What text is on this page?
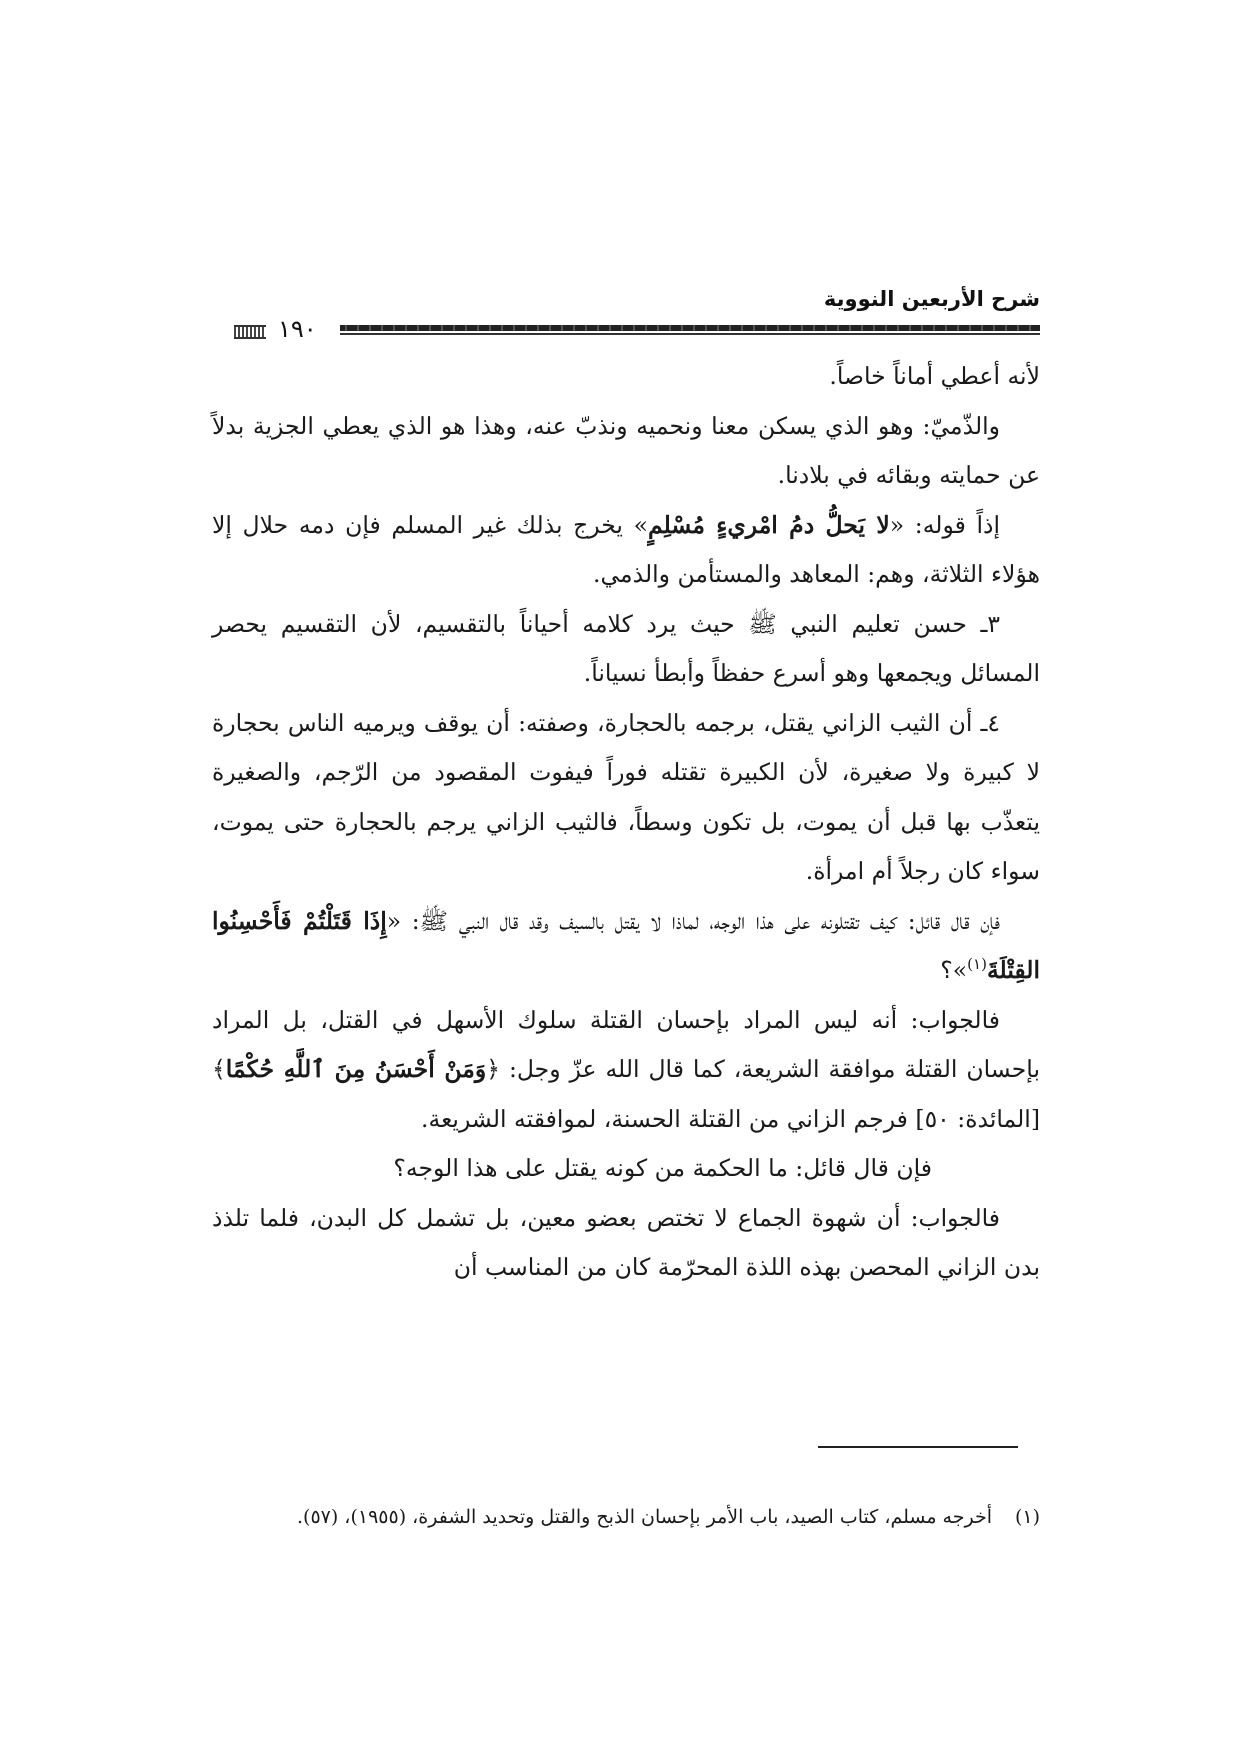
شرح الأربعين النووية
١٩٠

لأنه أعطي أماناً خاصاً.

والذّميّ: وهو الذي يسكن معنا ونحميه ونذبّ عنه، وهذا هو الذي يعطي الجزية بدلاً عن حمايته وبقائه في بلادنا.

إذاً قوله: «لا يَحلُّ دمُ امْريءٍ مُسْلِمٍ» يخرج بذلك غير المسلم فإن دمه حلال إلا هؤلاء الثلاثة، وهم: المعاهد والمستأمن والذمي.

٣ـ حسن تعليم النبي ﷺ حيث يرد كلامه أحياناً بالتقسيم، لأن التقسيم يحصر المسائل ويجمعها وهو أسرع حفظاً وأبطأ نسياناً.

٤ـ أن الثيب الزاني يقتل، برجمه بالحجارة، وصفته: أن يوقف ويرميه الناس بحجارة لا كبيرة ولا صغيرة، لأن الكبيرة تقتله فوراً فيفوت المقصود من الرّجم، والصغيرة يتعذّب بها قبل أن يموت، بل تكون وسطاً، فالثيب الزاني يرجم بالحجارة حتى يموت، سواء كان رجلاً أم امرأة.

فإن قال قائل: كيف تقتلونه على هذا الوجه، لماذا لا يقتل بالسيف وقد قال النبي ﷺ: «إِذَا قَتَلْتُمْ فَأَحْسِنُوا القِتْلَةَ$^{(١)}$»؟

فالجواب: أنه ليس المراد بإحسان القتلة سلوك الأسهل في القتل، بل المراد بإحسان القتلة موافقة الشريعة، كما قال الله عزّ وجل: ﴿وَمَنْ أَحْسَنُ مِنَ ٱللَّهِ حُكْمًا﴾ [المائدة: ٥٠] فرجم الزاني من القتلة الحسنة، لموافقته الشريعة.

فإن قال قائل: ما الحكمة من كونه يقتل على هذا الوجه؟

فالجواب: أن شهوة الجماع لا تختص بعضو معين، بل تشمل كل البدن، فلما تلذذ بدن الزاني المحصن بهذه اللذة المحرّمة كان من المناسب أن

(١)أخرجه مسلم، كتاب الصيد، باب الأمر بإحسان الذبح والقتل وتحديد الشفرة، (١٩٥٥)، (٥٧).
